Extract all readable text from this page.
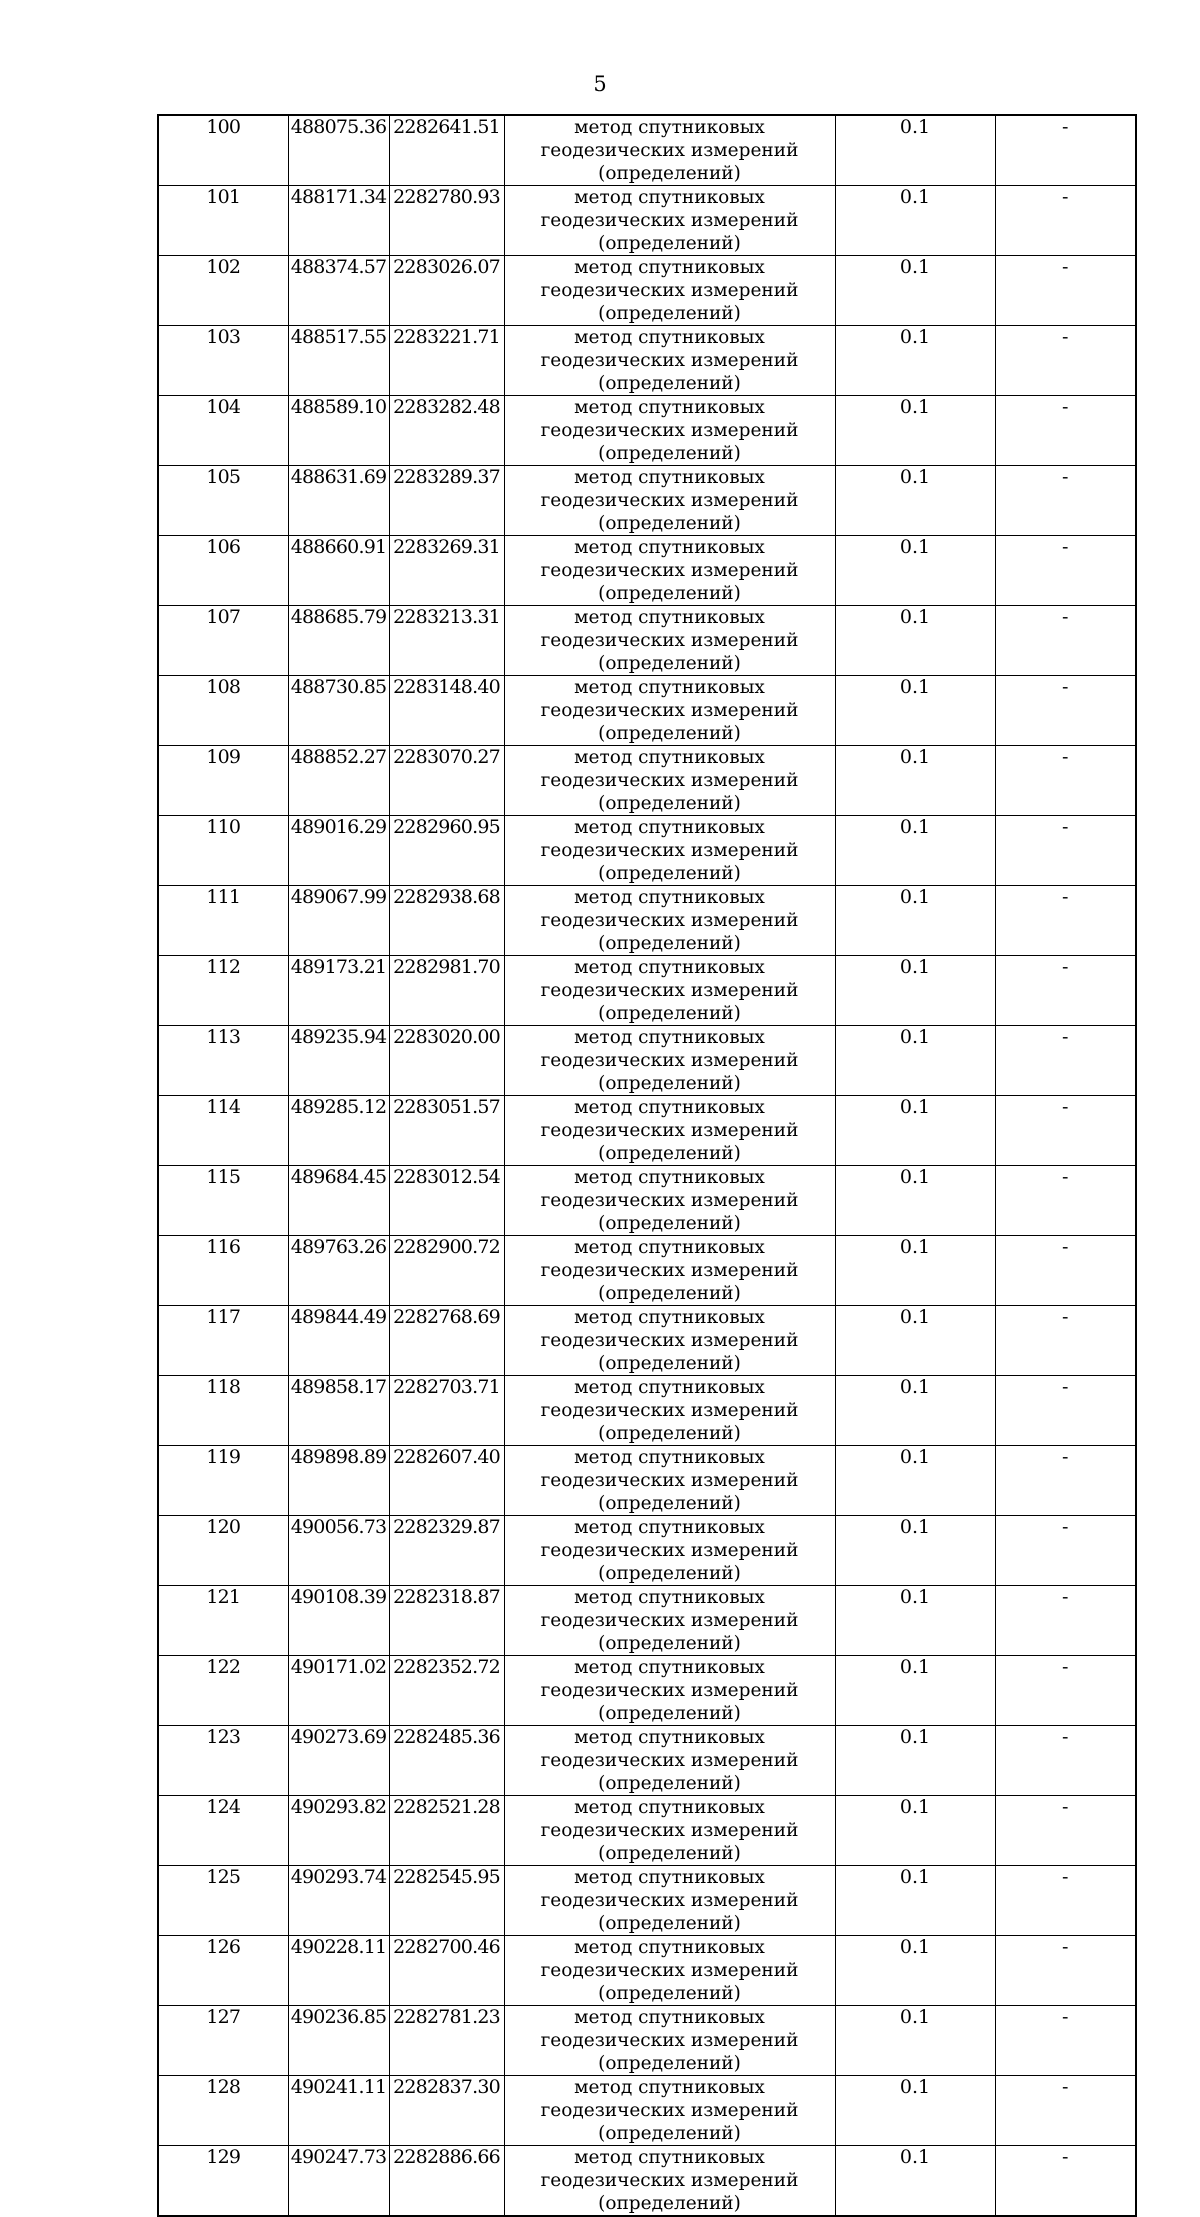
5
100	488075.36	2282641.51	метод спутниковых геодезических измерений (определений)	0.1	-
101	488171.34	2282780.93	метод спутниковых геодезических измерений (определений)	0.1	-
102	488374.57	2283026.07	метод спутниковых геодезических измерений (определений)	0.1	-
103	488517.55	2283221.71	метод спутниковых геодезических измерений (определений)	0.1	-
104	488589.10	2283282.48	метод спутниковых геодезических измерений (определений)	0.1	-
105	488631.69	2283289.37	метод спутниковых геодезических измерений (определений)	0.1	-
106	488660.91	2283269.31	метод спутниковых геодезических измерений (определений)	0.1	-
107	488685.79	2283213.31	метод спутниковых геодезических измерений (определений)	0.1	-
108	488730.85	2283148.40	метод спутниковых геодезических измерений (определений)	0.1	-
109	488852.27	2283070.27	метод спутниковых геодезических измерений (определений)	0.1	-
110	489016.29	2282960.95	метод спутниковых геодезических измерений (определений)	0.1	-
111	489067.99	2282938.68	метод спутниковых геодезических измерений (определений)	0.1	-
112	489173.21	2282981.70	метод спутниковых геодезических измерений (определений)	0.1	-
113	489235.94	2283020.00	метод спутниковых геодезических измерений (определений)	0.1	-
114	489285.12	2283051.57	метод спутниковых геодезических измерений (определений)	0.1	-
115	489684.45	2283012.54	метод спутниковых геодезических измерений (определений)	0.1	-
116	489763.26	2282900.72	метод спутниковых геодезических измерений (определений)	0.1	-
117	489844.49	2282768.69	метод спутниковых геодезических измерений (определений)	0.1	-
118	489858.17	2282703.71	метод спутниковых геодезических измерений (определений)	0.1	-
119	489898.89	2282607.40	метод спутниковых геодезических измерений (определений)	0.1	-
120	490056.73	2282329.87	метод спутниковых геодезических измерений (определений)	0.1	-
121	490108.39	2282318.87	метод спутниковых геодезических измерений (определений)	0.1	-
122	490171.02	2282352.72	метод спутниковых геодезических измерений (определений)	0.1	-
123	490273.69	2282485.36	метод спутниковых геодезических измерений (определений)	0.1	-
124	490293.82	2282521.28	метод спутниковых геодезических измерений (определений)	0.1	-
125	490293.74	2282545.95	метод спутниковых геодезических измерений (определений)	0.1	-
126	490228.11	2282700.46	метод спутниковых геодезических измерений (определений)	0.1	-
127	490236.85	2282781.23	метод спутниковых геодезических измерений (определений)	0.1	-
128	490241.11	2282837.30	метод спутниковых геодезических измерений (определений)	0.1	-
129	490247.73	2282886.66	метод спутниковых геодезических измерений (определений)	0.1	-
